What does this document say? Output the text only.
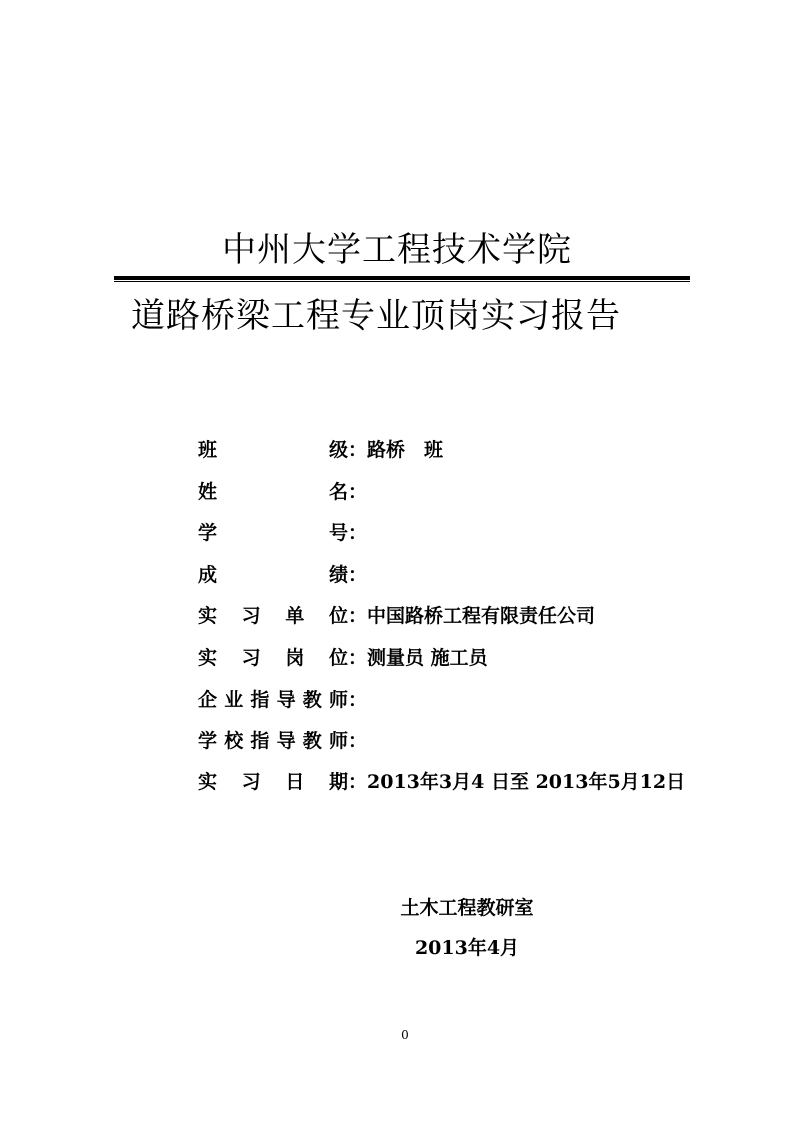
中州大学工程技术学院
道路桥梁工程专业顶岗实习报告
班级：路桥　班
姓名：
学号：
成绩：
实习单位：中国路桥工程有限责任公司
实习岗位：测量员 施工员
企业指导教师：
学校指导教师：
实习日期：2013年3月4 日至 2013年5月12日
土木工程教研室
2013年4月
0
